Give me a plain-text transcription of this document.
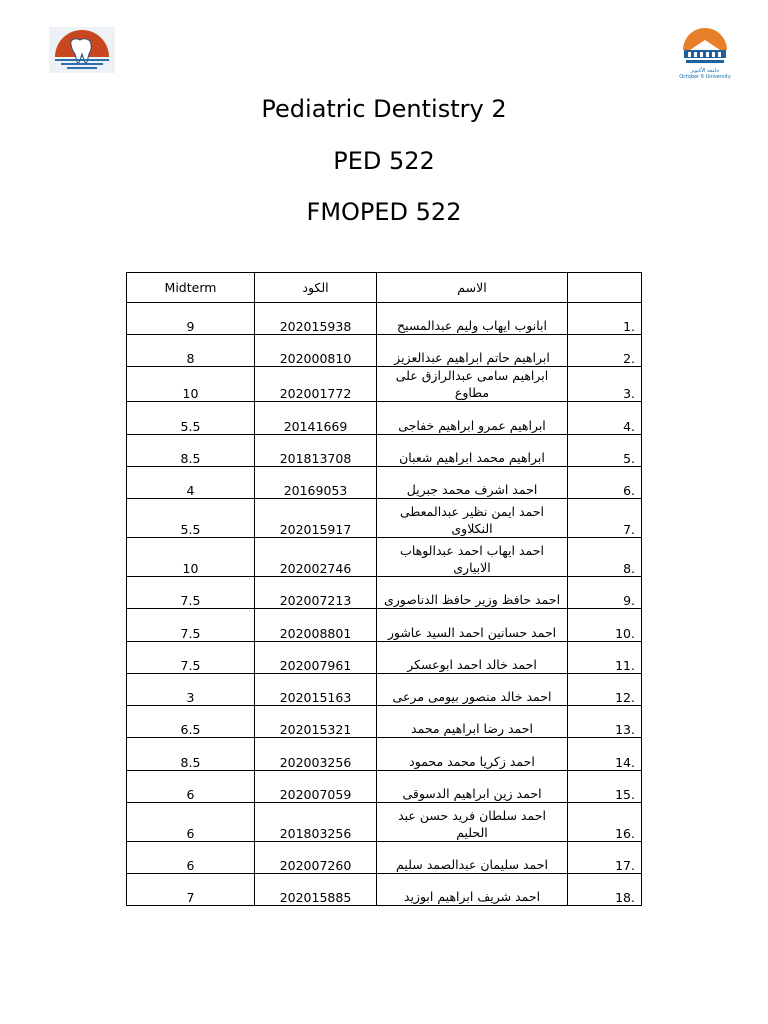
جامعة الأكتوبر
October 6 University
Pediatric Dentistry 2
PED 522
FMOPED 522
Midterm	الكود	الاسم	
9	202015938	ابانوب ايهاب وليم عبدالمسيح	1.
8	202000810	ابراهيم حاتم ابراهيم عبدالعزيز	2.
10	202001772	ابراهيم سامى عبدالرازق على مطاوع	3.
5.5	20141669	ابراهيم عمرو ابراهيم خفاجى	4.
8.5	201813708	ابراهيم محمد ابراهيم شعبان	5.
4	20169053	احمد اشرف محمد جبريل	6.
5.5	202015917	احمد ايمن نظير عبدالمعطى النكلاوى	7.
10	202002746	احمد ايهاب احمد عبدالوهاب الابيارى	8.
7.5	202007213	احمد حافظ وزير حافظ الدناصورى	9.
7.5	202008801	احمد حسانين احمد السيد عاشور	10.
7.5	202007961	احمد خالد احمد ابوعسكر	11.
3	202015163	احمد خالد منصور بيومى مرعى	12.
6.5	202015321	احمد رضا ابراهيم محمد	13.
8.5	202003256	احمد زكريا محمد محمود	14.
6	202007059	احمد زين ابراهيم الدسوقى	15.
6	201803256	احمد سلطان فريد حسن عبد الحليم	16.
6	202007260	احمد سليمان عبدالصمد سليم	17.
7	202015885	احمد شريف ابراهيم ابوزيد	18.
